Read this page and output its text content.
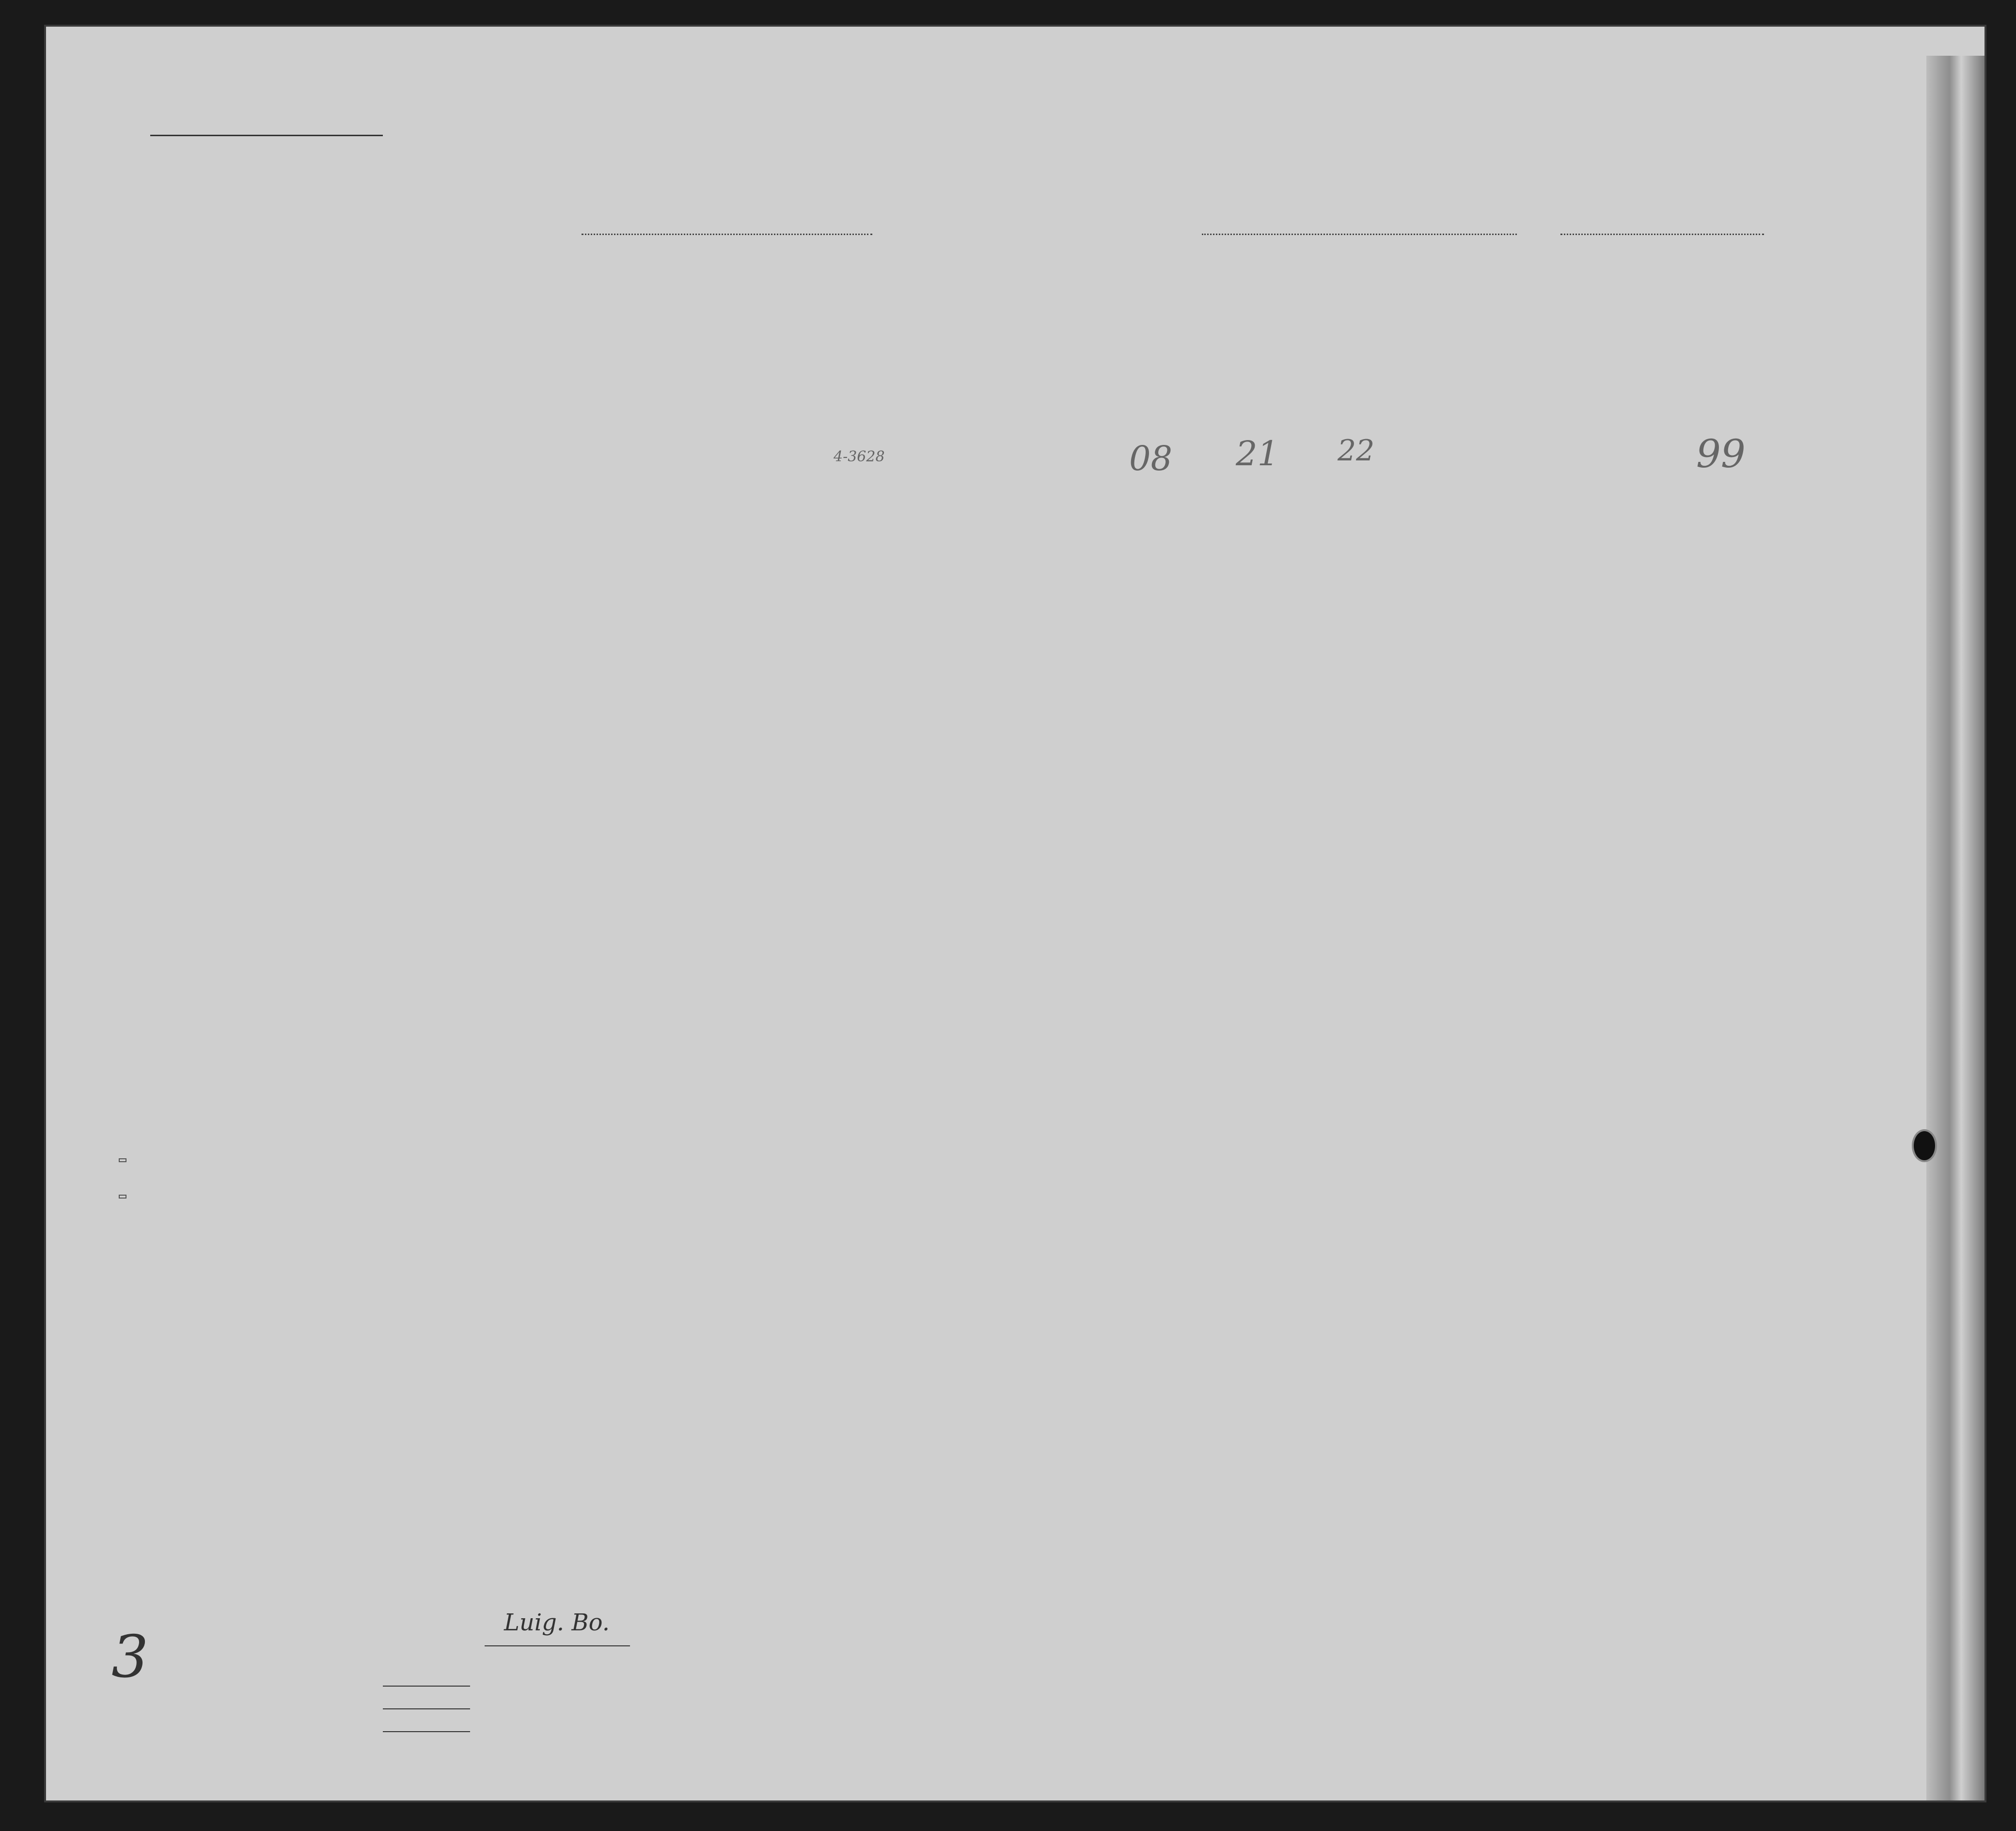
08 21 22	99
4-3628
Luig. Bo.
3
